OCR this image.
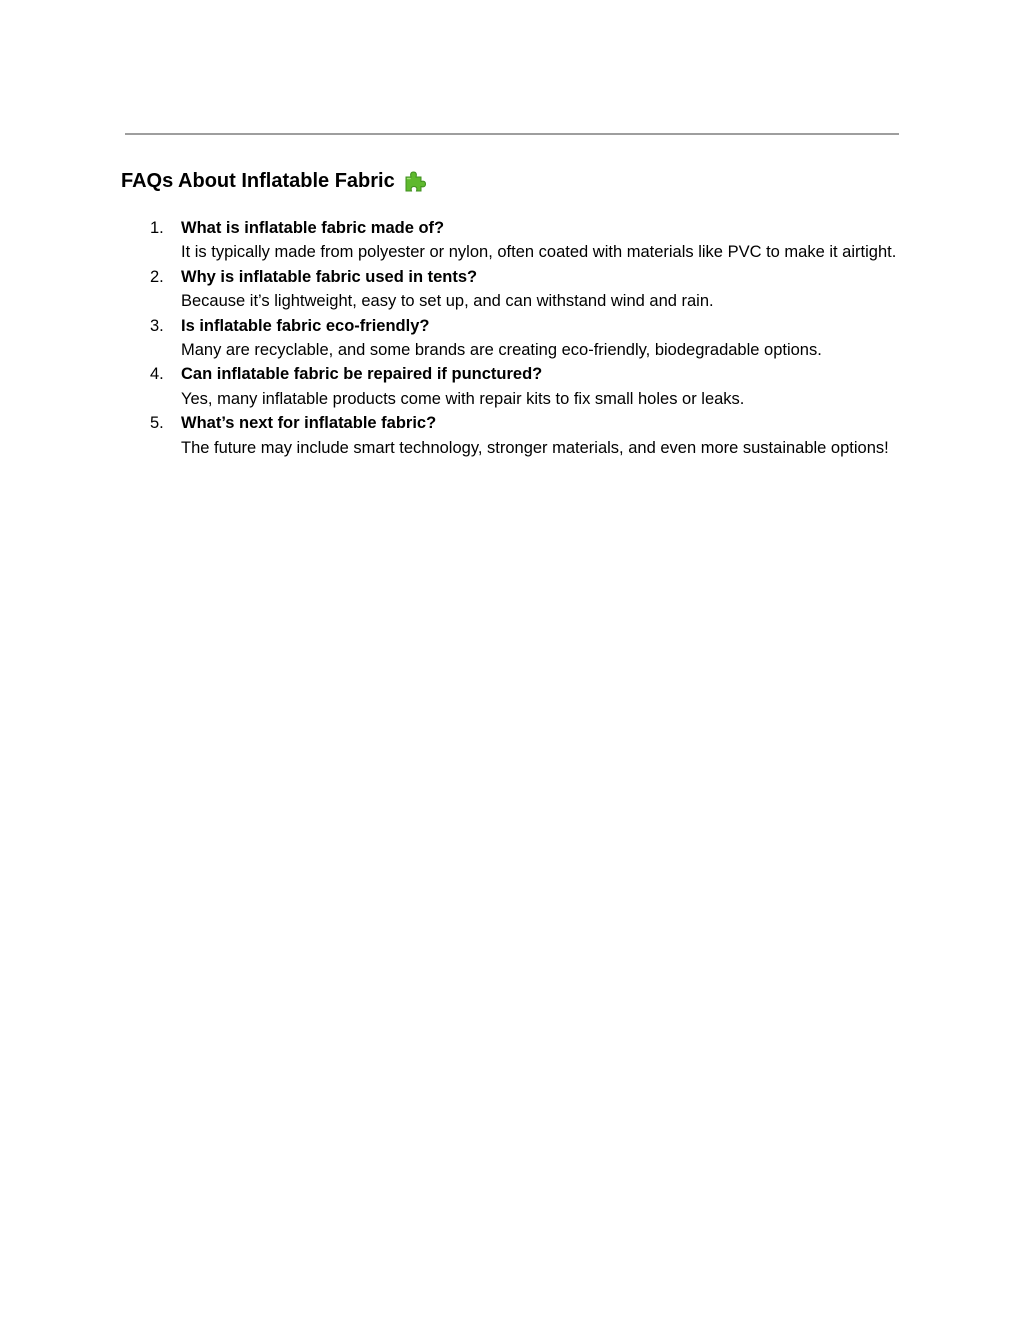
FAQs About Inflatable Fabric
1. What is inflatable fabric made of?
It is typically made from polyester or nylon, often coated with materials like PVC to make it airtight.
2. Why is inflatable fabric used in tents?
Because it’s lightweight, easy to set up, and can withstand wind and rain.
3. Is inflatable fabric eco-friendly?
Many are recyclable, and some brands are creating eco-friendly, biodegradable options.
4. Can inflatable fabric be repaired if punctured?
Yes, many inflatable products come with repair kits to fix small holes or leaks.
5. What’s next for inflatable fabric?
The future may include smart technology, stronger materials, and even more sustainable options!
